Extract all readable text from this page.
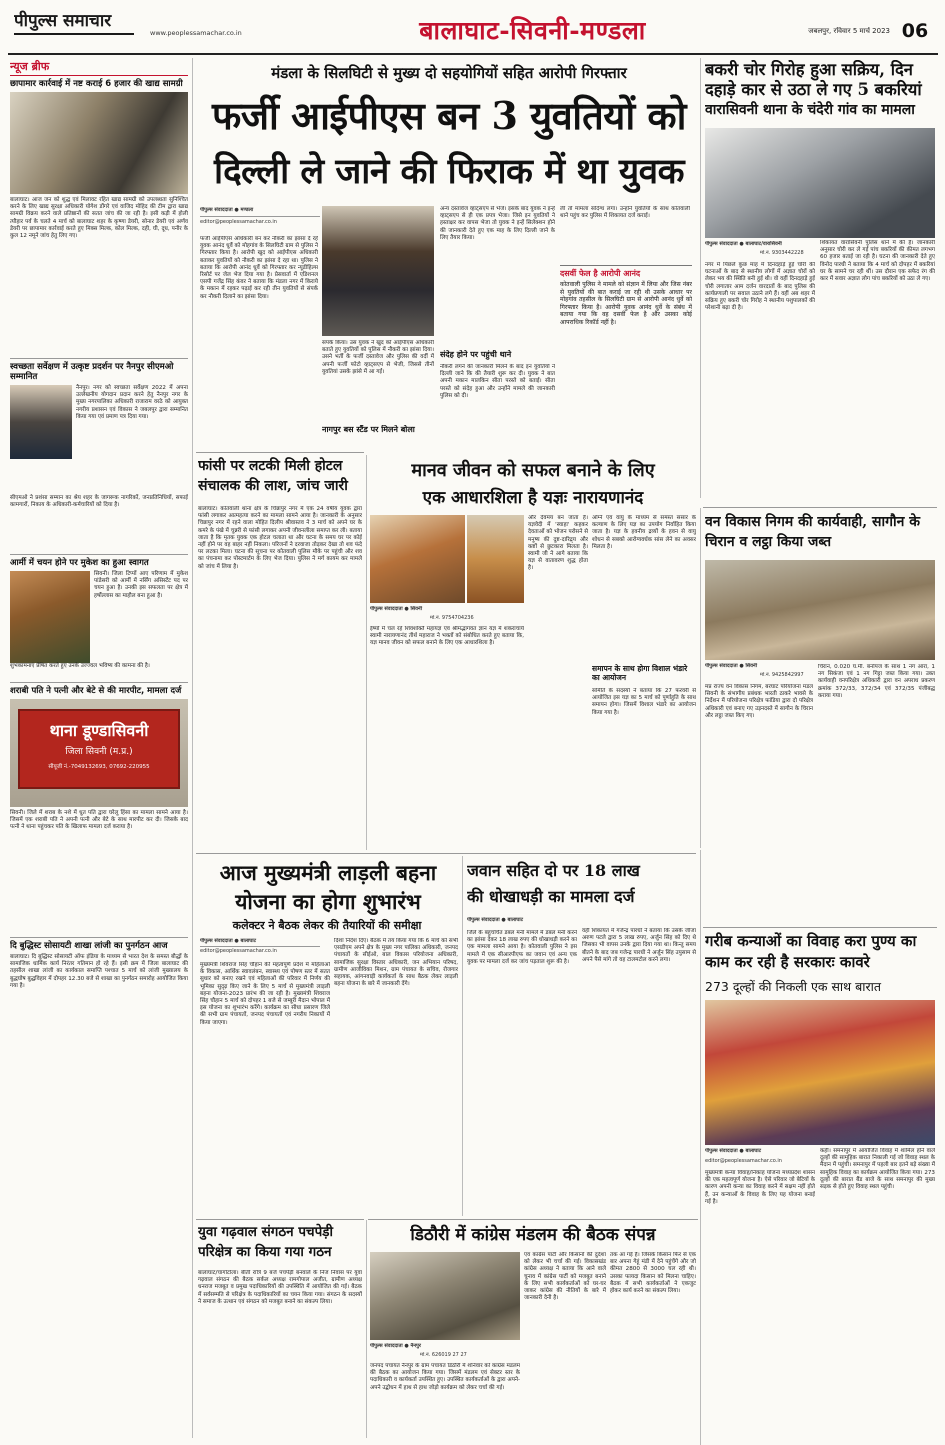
पीपुल्स समाचार
www.peoplessamachar.co.in	बालाघाट-सिवनी-मण्डला	जबलपुर, रविवार 5 मार्च 2023 06
न्यूज ब्रीफ
छापामार कार्रवाई में नष्ट कराई 6 हजार की खाद्य सामग्री
बालाघाट। आज जन को शुद्ध एवं मिलावट रहित खाद्य सामग्री को उपलब्धता सुनिश्चित करने के लिए खाद्य सुरक्षा अधिकारी योगेश डोंगरे एवं वाजिद मोहिद की टीम द्वारा खाद्य सामग्री विक्रय करने वाले प्रतिष्ठानों की सतत जांच की जा रही है। इसी कड़ी में होली त्यौहार पर्व के चलते 4 मार्च को बालाघाट शहर के कृष्णा डेयरी, सोनार डेयरी एवं अर्णव डेयरी पर छापामार कार्रवाई करते हुए मिक्स मिल्क, कोल मिल्क, दही, घी, दूध, पनीर के कुल 12 नमूने जांच हेतु लिए गए।
स्वच्छता सर्वेक्षण में उत्कृष्ट प्रदर्शन पर नैनपुर सीएमओ सम्मानित
नैनपुर। नगर को स्वच्छता सर्वेक्षण 2022 में अपना उल्लेखनीय योगदान प्रदान करने हेतु नैनपुर नगर के मुख्य नगरपालिका अधिकारी राजाराम वरठे को आयुक्त नगरीय प्रशासन एवं विकास ने जबलपुर द्वारा सम्मानित किया गया एवं प्रमाण पत्र दिया गया।
सीएमओ ने प्रशंसा सम्मान का श्रेय शहर के जागरूक नागरिकों, जनप्रतिनिधियों, सफाई कामगारों, निकाय के अधिकारी-कर्मचारियों को दिया है।
आर्मी में चयन होने पर मुकेश का हुआ स्वागत
सिवनी। जिला टिप्पों आए परिणाम में मुकेश पांडेसरी को आर्मी में नर्सिंग असिस्टेंट पद पर चयन हुआ है। उनकी इस सफलता पर क्षेत्र में हर्षोल्लास का माहौल बना हुआ है।
शुभकामनाएं प्रेषित करते हुए उनके उज्ज्वल भविष्य की कामना की है।
शराबी पति ने पत्नी और बेटे से की मारपीट, मामला दर्ज
थाना डूण्डासिवनी
जिला सिवनी (म.प्र.)
सीयूजी नं.-7049132693, 07692-220955
सिवनी। जिले में शराब के नशे में धुत पति द्वारा घरेलू हिंसा का मामला सामने आया है। जिसमें एक शराबी पति ने अपनी पत्नी और बेटे के साथ मारपीट कर दी। जिसके बाद पत्नी ने थाना पहुंचकर पति के खिलाफ मामला दर्ज कराया है।
दि बुद्धिस्ट सोसायटी शाखा लांजी का पुनर्गठन आज
बालाघाट। दि बुद्धिस्ट सोसायटी ऑफ इंडिया के माध्यम से भारत देश के समस्त बौद्धों के सामाजिक धार्मिक कार्य निरंतर गतिमान हो रहे हैं। इसी क्रम में जिला बालाघाट की तहसील शाखा लांजी का कार्यकाल समाप्ति पश्चात 5 मार्च को लांजी मुख्यालय के बुद्धघोष बुद्धविहार में दोपहर 12.30 बजे से शाखा का पुनर्गठन समारोह आयोजित किया गया है।
मंडला के सिलघिटी से मुख्य दो सहयोगियों सहित आरोपी गिरफ्तार
फर्जी आईपीएस बन 3 युवतियों को
दिल्ली ले जाने की फिराक में था युवक
पीपुल्स संवाददाता ● मण्डला
editor@peoplessamachar.co.in
फर्जी आईपीएस अधिकारी बन कर नौकरी का झांसा दे रहे युवक आनंद धुर्वे को मोहगांव के सिलघिटी ग्राम से पुलिस ने गिरफ्तार किया है। आरोपी खुद को आईपीएस अधिकारी बताकर युवतियों को नौकरी का झांसा दे रहा था। पुलिस ने बताया कि आरोपी आनंद धुर्वे को गिरफ्तार कर न्यूडीहिल्स रिसोर्ट पर जेल भेज दिया गया है। प्रेसवार्ता में एडिशनल एसपी गजेंद्र सिंह कंवर ने बताया कि मंडला नगर में किराये के मकान में रहकर पढ़ाई कर रही तीन युवतियों से संपर्क कर नौकरी दिलाने का झांसा दिया।
संपर्क किया। उस युवक ने खुद को आईपीएस अधिकारी बताते हुए युवतियों को पुलिस में नौकरी का झांसा दिया। उसने भर्ती के फर्जी दस्तावेज और पुलिस की वर्दी में अपनी फर्जी फोटो व्हाट्सएप से भेजी, जिससे तीनों युवतियां उसके झांसे में आ गईं।
नागपुर बस स्टैंड पर मिलने बोला
अन्य दस्तावेज व्हाट्सएप से भेजे। इसके बाद युवक ने इन्हें व्हाट्सएप से ही एक प्रपत्र भेजा। जिसे इन युवतियों ने हस्ताक्षर कर वापस भेजा तो युवक ने इन्हें सिलेक्शन होने की जानकारी देते हुए एक माह के लिए दिल्ली जाने के लिए तैयार किया।
संदेह होने पर पहुंची थाने
नौकरी लगने की जानकारी मिलने के बाद इन युवतियों ने दिल्ली जाने कि की तैयारी शुरू कर दी। युवक ने बात अपनी मकान मालकिन सीता परस्ते को बताई। सीता परस्ते को संदेह हुआ और उन्होंने मामले की जानकारी पुलिस को दी।
ली तो मामला संदिग्ध लगा। उन्होंने युवतियों के साथ कोतवाली थाने पहुंच कर पुलिस में शिकायत दर्ज कराई।
दसवीं फेल है आरोपी आनंद
कोतवाली पुलिस ने मामले को संज्ञान में लिया और जिस नंबर से युवतियों की बात कराई जा रही थी उसके आधार पर मोहगांव तहसील के सिलघिटी ग्राम से आरोपी आनंद धुर्वे को गिरफ्तार किया है। आरोपी युवक आनंद धुर्वे के संबंध में बताया गया कि वह दसवीं फेल है और उसका कोई आपराधिक रिकॉर्ड नहीं है।
बकरी चोर गिरोह हुआ सक्रिय, दिन दहाड़े कार से उठा ले गए 5 बकरियां
वारासिवनी थाना के चंदेरी गांव का मामला
पीपुल्स संवाददाता ● बालाघाट/वारासिवनी
मो.नं. 9303442228
नगर में पिछले कुछ माह में दिनदहाड़े हुई चोरी की घटनाओं के बाद से स्थानीय लोगों में अज्ञात चोरों को लेकर भय की स्थिति बनी हुई थी। वो वहीं दिनदहाड़े हुई चोरी लगातार आम दर्जन वारदातों के बाद पुलिस की कार्यप्रणाली पर सवाल उठाने लगे हैं। वहीं अब शहर में सक्रिय हुए बकरी चोर गिरोह ने स्थानीय पशुपालकों की परेशानी बढ़ा दी है।
शिकायत वारासिवनी पुलिस थाने में की है। जानकारी अनुसार चोरी कर ले गई पांच बकरियों की कीमत लगभग 60 हजार बताई जा रही है। घटना की जानकारी देते हुए विनोद पारधी ने बताया कि 4 मार्च को दोपहर में बकरियां घर के सामने चर रही थीं। उस दौरान एक सफेद रंग की कार में सवार अज्ञात लोग पांच बकरियों को उठा ले गए।
फांसी पर लटकी मिली होटल संचालक की लाश, जांच जारी
बालाघाट। कोतवाली थाना क्षेत्र के चिन्नापुर नगर में एक 24 वर्षीय युवक द्वारा फांसी लगाकर आत्महत्या करने का मामला सामने आया है। जानकारी के अनुसार चिन्नापुर नगर में रहने वाला मोहित दिलीप श्रीवास्तव ने 3 मार्च को अपने घर के कमरे के पंखे में चुन्नरी से फांसी लगाकर अपनी जीवनलीला समाप्त कर ली। बताया जाता है कि मृतक युवक एक होटल चलाता था और घटना के समय घर पर कोई नहीं होने पर वह बाहर नहीं निकला। परिजनों ने दरवाजा तोड़कर देखा तो शव फंदे पर लटका मिला। घटना की सूचना पर कोतवाली पुलिस मौके पर पहुंची और शव का पंचनामा कर पोस्टमार्टम के लिए भेज दिया। पुलिस ने मर्ग कायम कर मामले को जांच में लिया है।
मानव जीवन को सफल बनाने के लिए
एक आधारशिला है यज्ञः नारायणानंद
पीपुल्स संवाददाता ● सिवनी
मो.नं. 9754704236
ईर्ष्या में चल रहे शिवशक्ति महायज्ञ एवं श्रीमद्भागवत ज्ञान यज्ञ में शंकराचार्य स्वामी नारायणानंद तीर्थ महाराज ने भक्तों को संबोधित करते हुए बताया कि, यज्ञ मानव जीवन को सफल बनाने के लिए एक आधारशिला है।
और देवमय बन जाता है। यज्ञवेदी में 'स्वाहा' कहकर देवताओं को भोजन परोसने से मनुष्य की दुष्ट-दारिद्र्य और कष्टों से छुटकारा मिलता है। स्वामी जी ने आगे बताया कि यज्ञ से वातावरण शुद्ध होता है।
अग्नि एवं वायु के माध्यम से समस्त संसार के कल्याण के लिए यज्ञ का उपयोग निर्वाहित किया जाता है। यज्ञ के हवनीय द्रव्यों के हवन से वायु शोधन से सबको आरोग्यवर्धक सांस लेने का अवसर मिलता है।
समापन के साथ होगा विशाल भंडारे का आयोजन
समिति के सदस्यों ने बताया कि 27 फरवरी से आयोजित इस यज्ञ का 5 मार्च को पूर्णाहुति के साथ समापन होगा। जिसमें विशाल भंडारे का आयोजन किया गया है।
वन विकास निगम की कार्यवाही, सागौन के चिरान व लट्ठा किया जब्त
पीपुल्स संवाददाता ● सिवनी
मो.नं. 9425842997
मप्र राज्य वन विकास निगम, बरघाट परियोजना मंडल सिवनी के संभागीय प्रबंधक भारती ठाकरे भावसे के निर्देशन में परियोजना परिक्षेत्र फांडिया द्वारा दो परिक्षेत्र अधिकारी एवं बनाए गए उड़नदस्ते में सागौन के चिरान और लट्ठा जब्त किए गए।
चिरान, 0.020 घ.मी. बनोपज के साथ 1 नग आरा, 1 नग सिकंजा एवं 1 नग गिट्टा जब्त किया गया। उक्त कार्यवाही वनपरिक्षेत्र अधिकारी द्वारा वन अपराध प्रकरण क्रमांक 372/33, 372/34 एवं 372/35 पंजीबद्ध कराया गया।
आज मुख्यमंत्री लाड़ली बहना
योजना का होगा शुभारंभ
कलेक्टर ने बैठक लेकर की तैयारियों की समीक्षा
पीपुल्स संवाददाता ● बालाघाट
editor@peoplessamachar.co.in
मुख्यमंत्री शिवराज सिंह चौहान की महत्वपूर्ण प्रदेश में महिलाओं के विकास, आर्थिक स्वावलंबन, स्वास्थ्य एवं पोषण स्तर में सतत सुधार को बनाए रखने एवं महिलाओं की परिवार में निर्णय की भूमिका सुदृढ़ किए जाने के लिए 5 मार्च से मुख्यमंत्री लाड़ली बहना योजना-2023 प्रारंभ की जा रही है। मुख्यमंत्री शिवराज सिंह चौहान 5 मार्च को दोपहर 1 बजे से जम्बूरी मैदान भोपाल में इस योजना का शुभारंभ करेंगे। कार्यक्रम का सीधा प्रसारण जिले की सभी ग्राम पंचायतों, जनपद पंचायतों एवं नगरीय निकायों में किया जाएगा।
दिशा निर्देश दिए। बैठक में तय किया गया कि 6 मार्च को सभी एसडीएम अपने क्षेत्र के मुख्य नगर पालिका अधिकारी, जनपद पंचायतों के सीईओ, बाल विकास परियोजना अधिकारी, सामाजिक सुरक्षा विस्तार अधिकारी, जन अभियान परिषद, ग्रामीण आजीविका मिशन, ग्राम पंचायत के सचिव, रोजगार सहायक, आंगनवाड़ी कार्यकर्ता के साथ बैठक लेकर लाड़ली बहना योजना के बारे में जानकारी देंगे।
जवान सहित दो पर 18 लाख
की धोखाधड़ी का मामला दर्ज
पीपुल्स संवाददाता ● बालाघाट
जिले के बहुचर्चित डबल मनी मामले में डबल मनी करने का झांसा देकर 18 लाख रुपए की धोखाधड़ी करने का एक मामला सामने आया है। कोतवाली पुलिस ने इस मामले में एक सीआरपीएफ का जवान एवं अन्य एक युवक पर मामला दर्ज कर जांच पड़ताल शुरू की है।
वही शिकायत में गजेन्द्र पारधी ने बताया कि उसके जीजा अरुण पटले द्वारा 5 लाख रुपए, अर्जुन सिंह को दिए थे जिसका भी वापस उनके द्वारा दिया गया था। किन्तु समय बीतने के बाद जब गजेन्द्र पारधी ने अर्जुन सिंह उपुसाम से अपने पैसे मांगे तो वह टालमटोल करने लगा।
गरीब कन्याओं का विवाह करा पुण्य का काम कर रही है सरकारः कावरे
273 दूल्हों की निकली एक साथ बारात
पीपुल्स संवाददाता ● बालाघाट
editor@peoplessamachar.co.in
मुख्यमंत्री कन्या विवाह/निकाह योजना मध्यप्रदेश शासन की एक महत्वपूर्ण योजना है। ऐसे परिवार जो बेटियों के कारण अपनी कन्या का विवाह करने में सक्षम नहीं होते हैं, उन कन्याओं के विवाह के लिए यह योजना बनाई गई है।
कही। समनापुर में आयोजित विवाह में शामिल होने वाले दूल्हों की सामूहिक बारात निकाली गई जो विवाह स्थल के मैदान में पहुंची। समनापुर में पहली बार इतने बड़े संख्या में सामूहिक विवाह का कार्यक्रम आयोजित किया गया। 273 दूल्हों की बारात बैंड बाजे के साथ समनापुर की मुख्य सड़क से होते हुए विवाह स्थल पहुंची।
युवा गढ़वाल संगठन पचपेड़ी
परिक्षेत्र का किया गया गठन
बालाघाट/चांगोटोला। बीती रात्रि 9 बजे पचपेड़ी बनवाले के निज निवास पर युवा गढ़वाल संगठन की बैठक सर्कल अध्यक्ष रामगोपाल अजीत, ग्रामीण अध्यक्ष धनराज मजबूत व प्रमुख पदाधिकारियों की उपस्थिति में आयोजित की गई। बैठक में सर्वसम्मति से परिक्षेत्र के पदाधिकारियों का चयन किया गया। संगठन के सदस्यों ने समाज के उत्थान एवं संगठन को मजबूत बनाने का संकल्प लिया।
डिठौरी में कांग्रेस मंडलम की बैठक संपन्न
पीपुल्स संवाददाता ● नैनपुर
मो.नं. 626019 27 27
जनपद पंचायत नैनपुर के ग्राम पंचायत डिठौरी में शनिवार को कांग्रेस मंडलम की बैठक का आयोजन किया गया। जिसमें मंडलम एवं सेक्टर स्तर के पदाधिकारी व कार्यकर्ता उपस्थित हुए। उपस्थित कार्यकर्ताओं के द्वारा अपने-अपने उद्बोधन में हाथ से हाथ जोड़ो कार्यक्रम को लेकर चर्चा की गई।
एवं कांग्रेस पार्टी और किसानों की दुर्दशा को लेकर भी चर्चा की गई। विकासखंड कांग्रेस अध्यक्ष ने बताया कि आने वाले चुनाव में कांग्रेस पार्टी को मजबूत बनाने के लिए सभी कार्यकर्ताओं को घर-घर जाकर कांग्रेस की नीतियों के बारे में जानकारी देनी है।
तक आ गई है। जिसके किसान फिर से एक बार अपना गेहूं मंडी में देने पहुंचेंगे और जो कीमत 2800 से 3000 चल रही थी। उसका फायदा किसान को मिलना चाहिए। बैठक में सभी कार्यकर्ताओं ने एकजुट होकर कार्य करने का संकल्प लिया।
